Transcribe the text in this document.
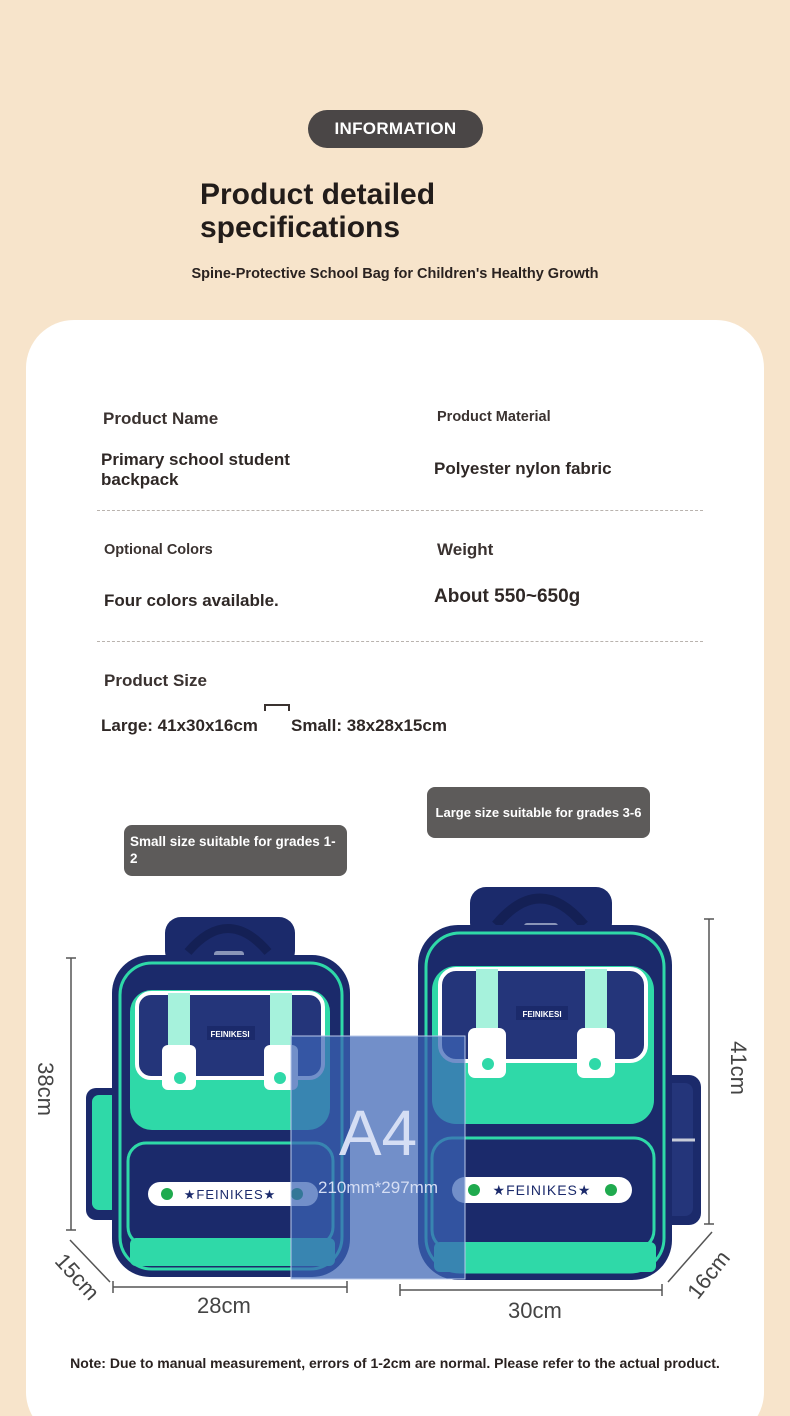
INFORMATION
Product detailed specifications
Spine-Protective School Bag for Children's Healthy Growth
Product Name
Primary school student backpack
Product Material
Polyester nylon fabric
Optional Colors
Four colors available.
Weight
About 550~650g
Product Size
Large: 41x30x16cm Small: 38x28x15cm
FEINIKESI
★FEINIKES★
FEINIKESI
★FEINIKES★
Small size suitable for grades 1-2
Large size suitable for grades 3-6
A4
210mm*297mm
38cm
28cm
15cm
41cm
30cm
16cm
Note: Due to manual measurement, errors of 1-2cm are normal. Please refer to the actual product.
